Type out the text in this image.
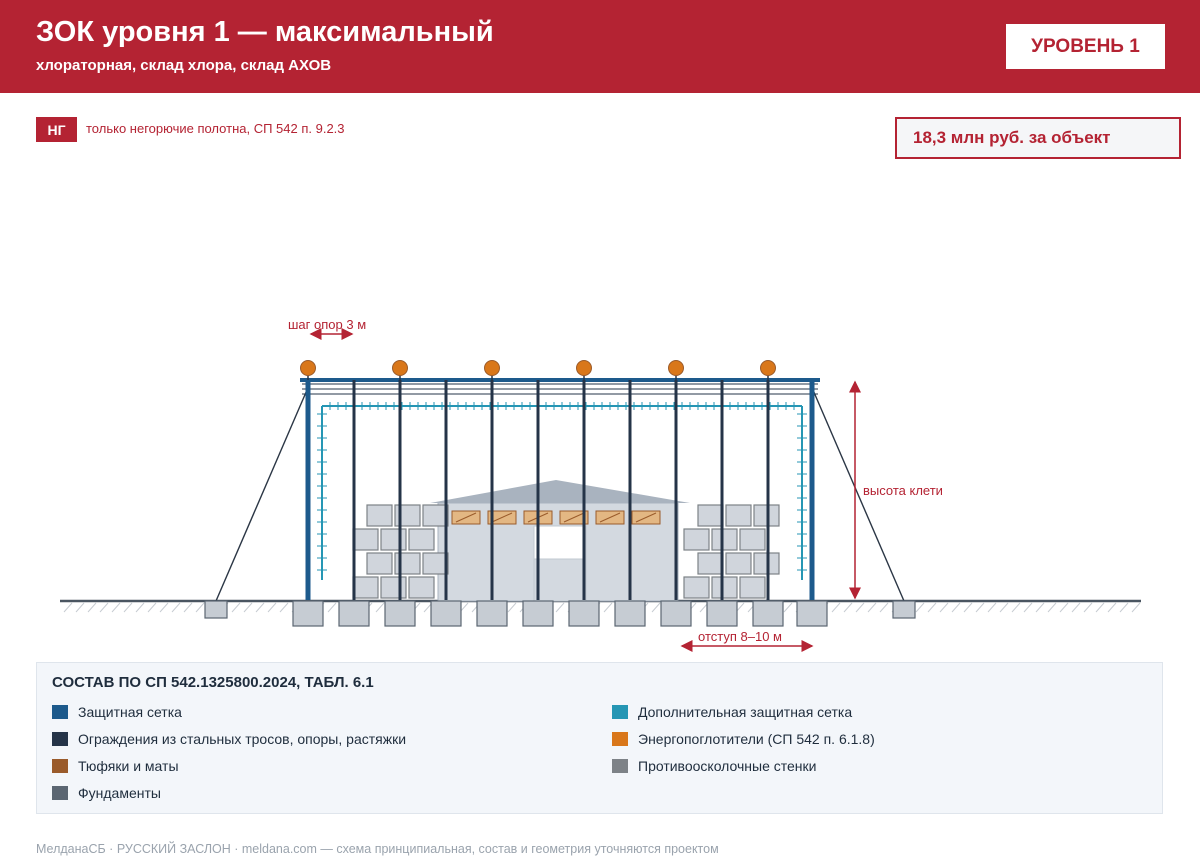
ЗОК уровня 1 — максимальный
хлораторная, склад хлора, склад АХОВ
УРОВЕНЬ 1
НГ	только негорючие полотна, СП 542 п. 9.2.3	18,3 млн руб. за объект
шаг опор 3 м
высота клети
отступ 8–10 м
СОСТАВ ПО СП 542.1325800.2024, ТАБЛ. 6.1
Защитная сетка	Дополнительная защитная сетка
Ограждения из стальных тросов, опоры, растяжки	Энергопоглотители (СП 542 п. 6.1.8)
Тюфяки и маты	Противоосколочные стенки
Фундаменты
МелданаСБ · РУССКИЙ ЗАСЛОН · meldana.com — схема принципиальная, состав и геометрия уточняются проектом
